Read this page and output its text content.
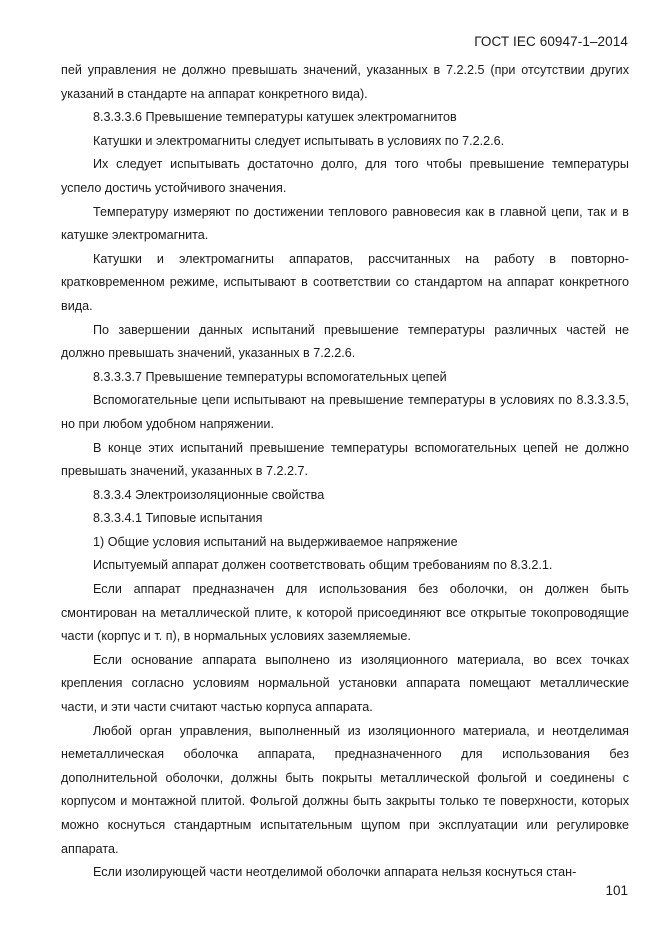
ГОСТ IEC 60947-1–2014

пей управления не должно превышать значений, указанных в 7.2.2.5 (при отсутствии других указаний в стандарте на аппарат конкретного вида).

8.3.3.3.6 Превышение температуры катушек электромагнитов

Катушки и электромагниты следует испытывать в условиях по 7.2.2.6.

Их следует испытывать достаточно долго, для того чтобы превышение температуры успело достичь устойчивого значения.

Температуру измеряют по достижении теплового равновесия как в главной цепи, так и в катушке электромагнита.

Катушки и электромагниты аппаратов, рассчитанных на работу в повторно-кратковременном режиме, испытывают в соответствии со стандартом на аппарат конкретного вида.

По завершении данных испытаний превышение температуры различных частей не должно превышать значений, указанных в 7.2.2.6.

8.3.3.3.7 Превышение температуры вспомогательных цепей

Вспомогательные цепи испытывают на превышение температуры в условиях по 8.3.3.3.5, но при любом удобном напряжении.

В конце этих испытаний превышение температуры вспомогательных цепей не должно превышать значений, указанных в 7.2.2.7.

8.3.3.4 Электроизоляционные свойства

8.3.3.4.1 Типовые испытания

1) Общие условия испытаний на выдерживаемое напряжение

Испытуемый аппарат должен соответствовать общим требованиям по 8.3.2.1.

Если аппарат предназначен для использования без оболочки, он должен быть смонтирован на металлической плите, к которой присоединяют все открытые токопроводящие части (корпус и т. п), в нормальных условиях заземляемые.

Если основание аппарата выполнено из изоляционного материала, во всех точках крепления согласно условиям нормальной установки аппарата помещают металлические части, и эти части считают частью корпуса аппарата.

Любой орган управления, выполненный из изоляционного материала, и неотделимая неметаллическая оболочка аппарата, предназначенного для использования без дополнительной оболочки, должны быть покрыты металлической фольгой и соединены с корпусом и монтажной плитой. Фольгой должны быть закрыты только те поверхности, которых можно коснуться стандартным испытательным щупом при эксплуатации или регулировке аппарата.

Если изолирующей части неотделимой оболочки аппарата нельзя коснуться стан-

101
